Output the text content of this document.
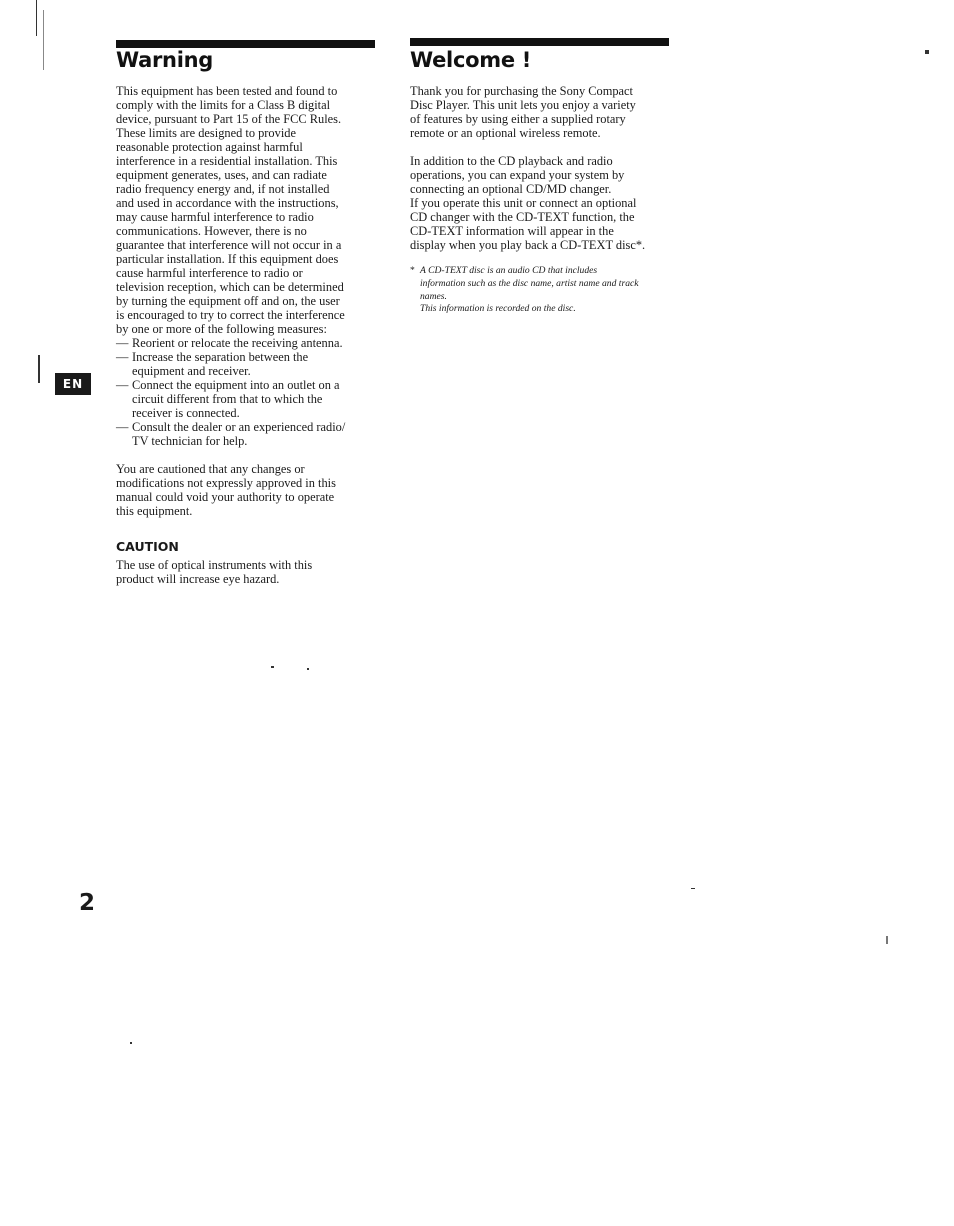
Warning

This equipment has been tested and found to
comply with the limits for a Class B digital
device, pursuant to Part 15 of the FCC Rules.
These limits are designed to provide
reasonable protection against harmful
interference in a residential installation. This
equipment generates, uses, and can radiate
radio frequency energy and, if not installed
and used in accordance with the instructions,
may cause harmful interference to radio
communications. However, there is no
guarantee that interference will not occur in a
particular installation. If this equipment does
cause harmful interference to radio or
television reception, which can be determined
by turning the equipment off and on, the user
is encouraged to try to correct the interference
by one or more of the following measures:

— Reorient or relocate the receiving antenna.

— Increase the separation between the
equipment and receiver.

— Connect the equipment into an outlet on a
circuit different from that to which the
receiver is connected.

— Consult the dealer or an experienced radio/
TV technician for help.

You are cautioned that any changes or
modifications not expressly approved in this
manual could void your authority to operate
this equipment.

CAUTION

The use of optical instruments with this
product will increase eye hazard.

Welcome !

Thank you for purchasing the Sony Compact
Disc Player. This unit lets you enjoy a variety
of features by using either a supplied rotary
remote or an optional wireless remote.

In addition to the CD playback and radio
operations, you can expand your system by
connecting an optional CD/MD changer.
If you operate this unit or connect an optional
CD changer with the CD-TEXT function, the
CD-TEXT information will appear in the
display when you play back a CD-TEXT disc*.

* A CD-TEXT disc is an audio CD that includes
information such as the disc name, artist name and track
names.

This information is recorded on the disc.

EN
2
